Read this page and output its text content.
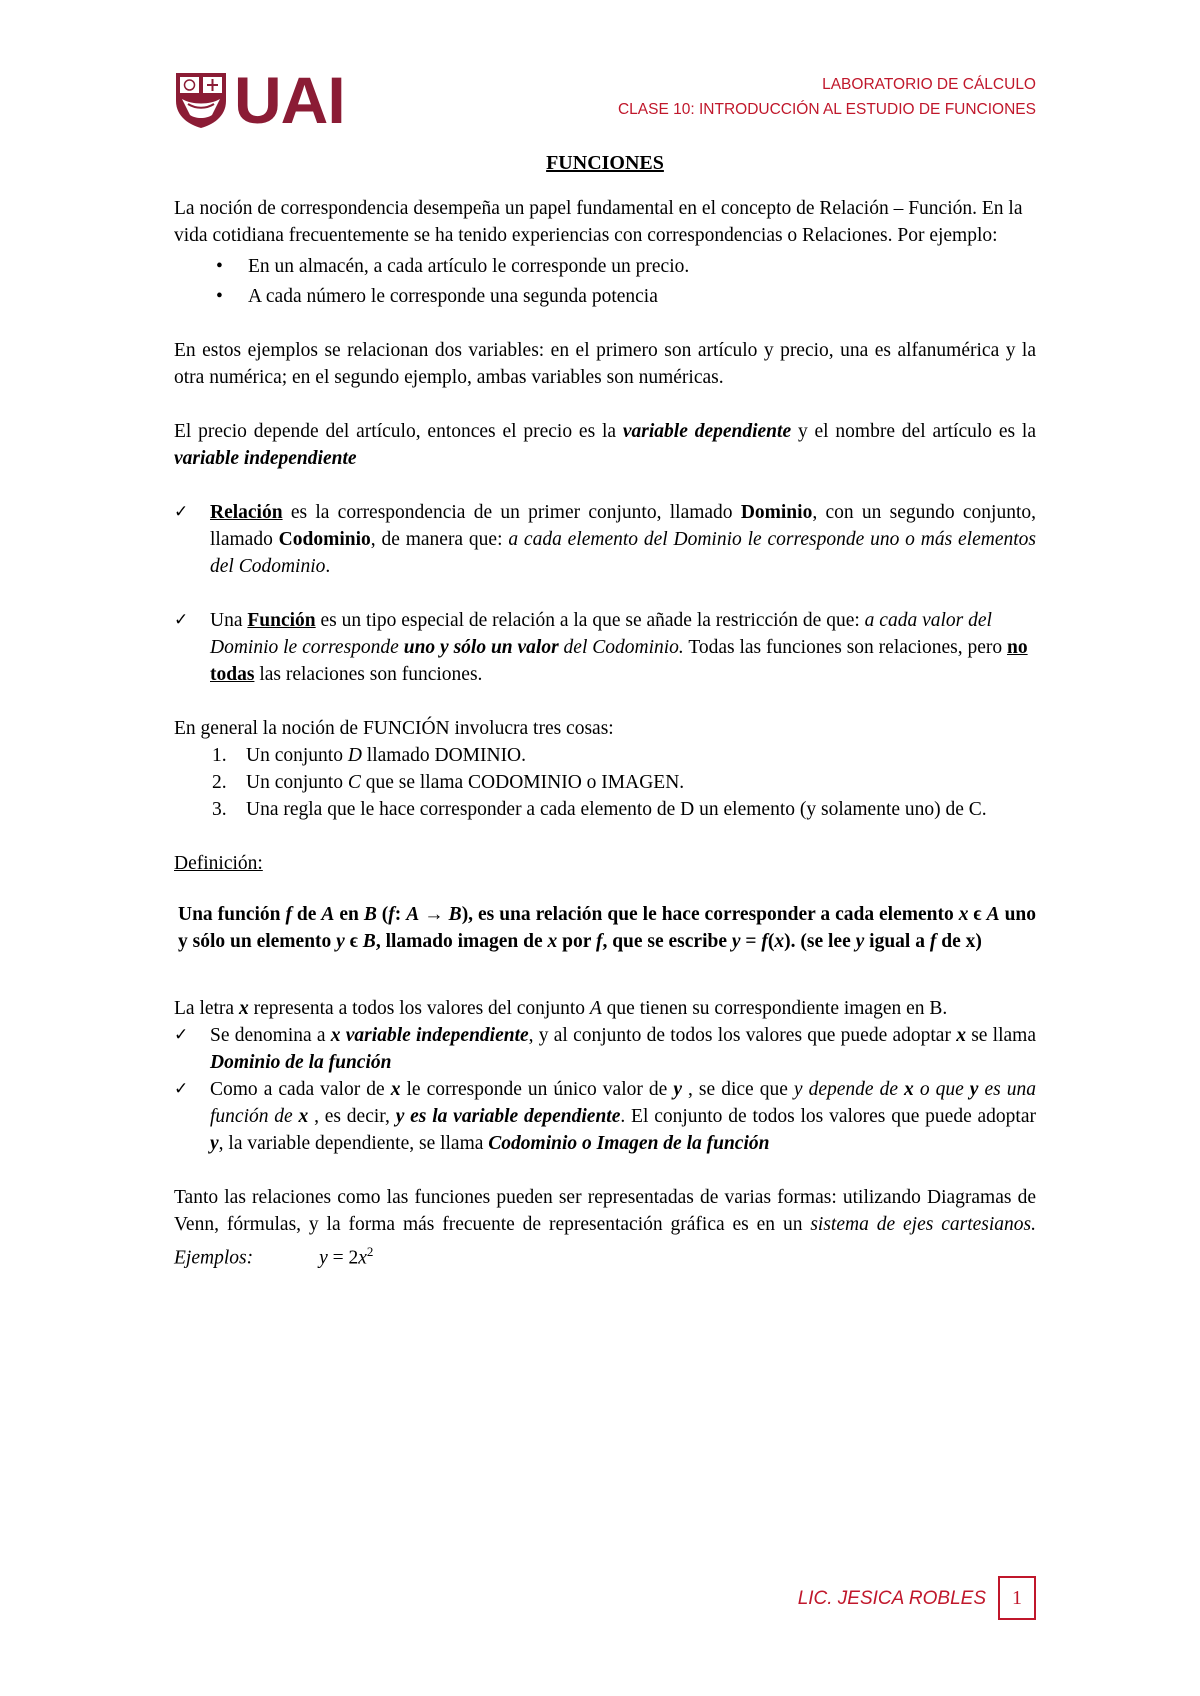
UAI	LABORATORIO DE CÁLCULO
CLASE 10: INTRODUCCIÓN AL ESTUDIO DE FUNCIONES

FUNCIONES

La noción de correspondencia desempeña un papel fundamental en el concepto de Relación – Función. En la vida cotidiana frecuentemente se ha tenido experiencias con correspondencias o Relaciones. Por ejemplo:

• En un almacén, a cada artículo le corresponde un precio.
• A cada número le corresponde una segunda potencia

En estos ejemplos se relacionan dos variables: en el primero son artículo y precio, una es alfanumérica y la otra numérica; en el segundo ejemplo, ambas variables son numéricas.

El precio depende del artículo, entonces el precio es la variable dependiente y el nombre del artículo es la variable independiente

✓ Relación es la correspondencia de un primer conjunto, llamado Dominio, con un segundo conjunto, llamado Codominio, de manera que: a cada elemento del Dominio le corresponde uno o más elementos del Codominio.
✓ Una Función es un tipo especial de relación a la que se añade la restricción de que: a cada valor del Dominio le corresponde uno y sólo un valor del Codominio. Todas las funciones son relaciones, pero no todas las relaciones son funciones.

En general la noción de FUNCIÓN involucra tres cosas:

1. Un conjunto D llamado DOMINIO.
2. Un conjunto C que se llama CODOMINIO o IMAGEN.
3. Una regla que le hace corresponder a cada elemento de D un elemento (y solamente uno) de C.

Definición:

Una función f de A en B (f: A → B), es una relación que le hace corresponder a cada elemento x ϵ A uno y sólo un elemento y ϵ B, llamado imagen de x por f, que se escribe y = f(x). (se lee y igual a f de x)

La letra x representa a todos los valores del conjunto A que tienen su correspondiente imagen en B.

✓ Se denomina a x variable independiente, y al conjunto de todos los valores que puede adoptar x se llama Dominio de la función
✓ Como a cada valor de x le corresponde un único valor de y , se dice que y depende de x o que y es una función de x , es decir, y es la variable dependiente. El conjunto de todos los valores que puede adoptar y, la variable dependiente, se llama Codominio o Imagen de la función

Tanto las relaciones como las funciones pueden ser representadas de varias formas: utilizando Diagramas de Venn, fórmulas, y la forma más frecuente de representación gráfica es en un sistema de ejes cartesianos. Ejemplos:	$y = 2x^2$

LIC. JESICA ROBLES	1
